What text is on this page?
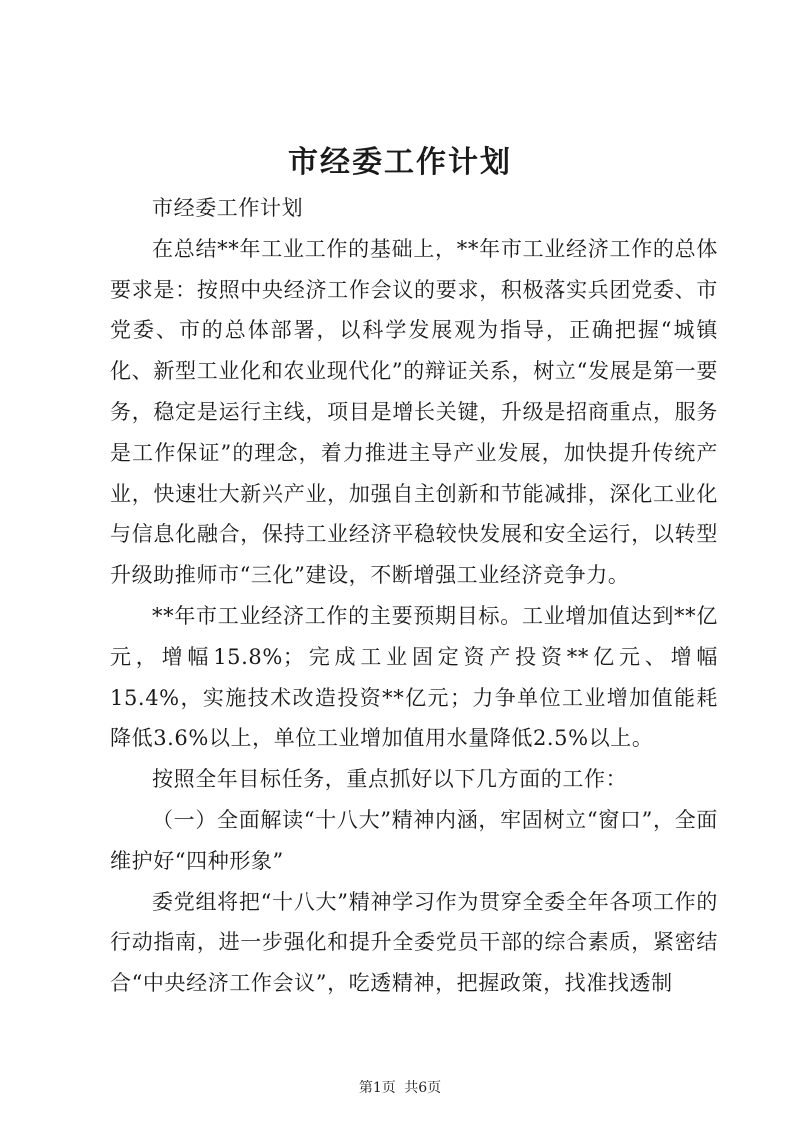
市经委工作计划

市经委工作计划

在总结**年工业工作的基础上，**年市工业经济工作的总体要求是：按照中央经济工作会议的要求，积极落实兵团党委、市党委、市的总体部署，以科学发展观为指导，正确把握“城镇化、新型工业化和农业现代化”的辩证关系，树立“发展是第一要务，稳定是运行主线，项目是增长关键，升级是招商重点，服务是工作保证”的理念，着力推进主导产业发展，加快提升传统产业，快速壮大新兴产业，加强自主创新和节能减排，深化工业化与信息化融合，保持工业经济平稳较快发展和安全运行，以转型升级助推师市“三化”建设，不断增强工业经济竞争力。

**年市工业经济工作的主要预期目标。工业增加值达到**亿元，增幅15.8%；完成工业固定资产投资**亿元、增幅15.4%，实施技术改造投资**亿元；力争单位工业增加值能耗降低3.6%以上，单位工业增加值用水量降低2.5%以上。

按照全年目标任务，重点抓好以下几方面的工作：

（一）全面解读“十八大”精神内涵，牢固树立“窗口”，全面维护好“四种形象”

委党组将把“十八大”精神学习作为贯穿全委全年各项工作的行动指南，进一步强化和提升全委党员干部的综合素质，紧密结合“中央经济工作会议”，吃透精神，把握政策，找准找透制

第1页 共6页
